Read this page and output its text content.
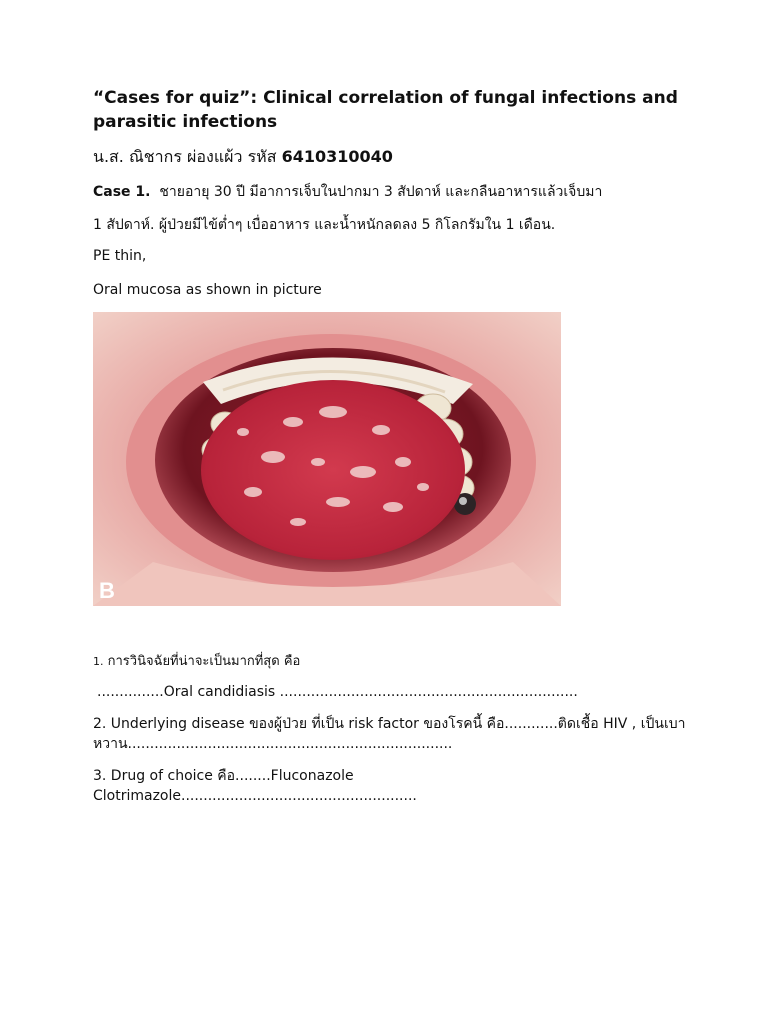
“Cases for quiz”: Clinical correlation of fungal infections and parasitic infections

น.ส. ณิชากร ผ่องแผ้ว รหัส 6410310040

Case 1. ชายอายุ 30 ปี มีอาการเจ็บในปากมา 3 สัปดาห์ และกลืนอาหารแล้วเจ็บมา

1 สัปดาห์. ผู้ป่วยมีไข้ต่ำๆ เบื่ออาหาร และน้ำหนักลดลง 5 กิโลกรัมใน 1 เดือน.

PE thin,

Oral mucosa as shown in picture

B

1. การวินิจฉัยที่น่าจะเป็นมากที่สุด คือ

...............Oral candidiasis ...................................................................

2. Underlying disease ของผู้ป่วย ที่เป็น risk factor ของโรคนี้ คือ............ติดเชื้อ HIV , เป็นเบาหวาน.........................................................................

3. Drug of choice คือ........Fluconazole
Clotrimazole.....................................................
